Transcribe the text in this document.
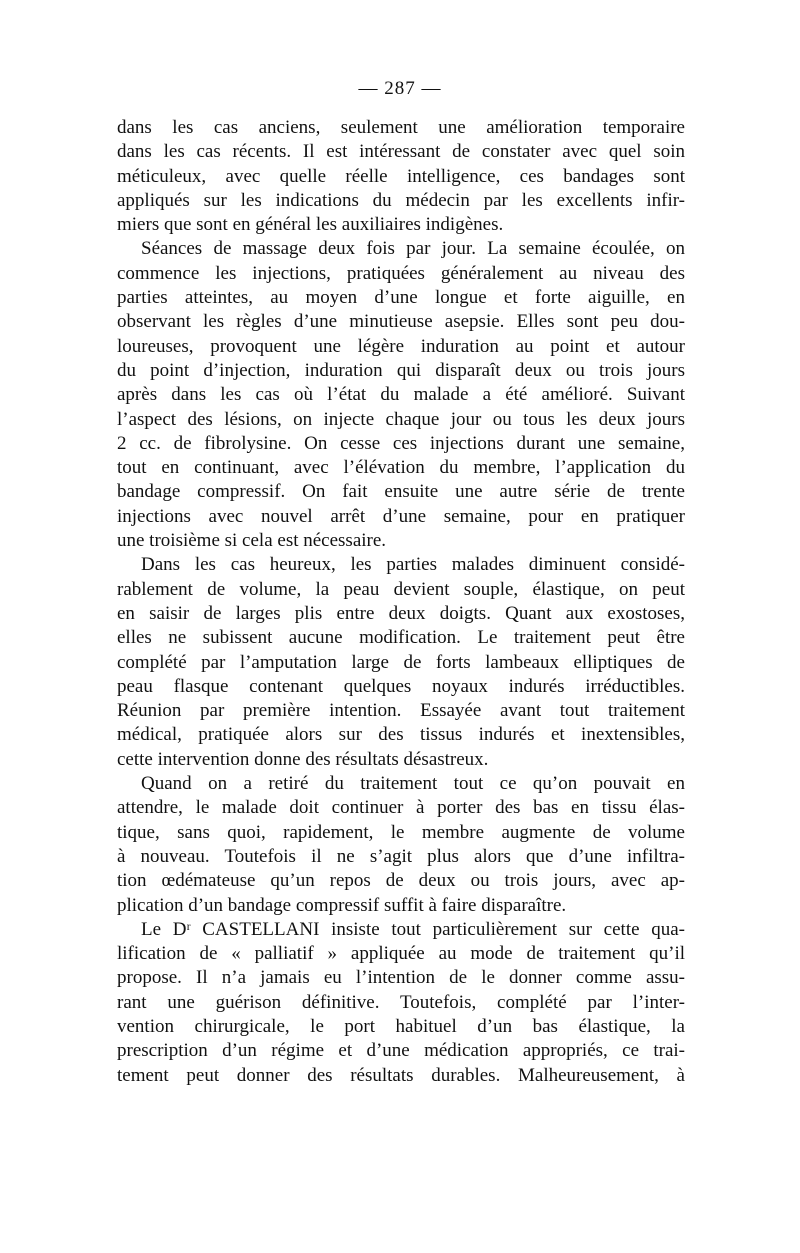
— 287 —
dans les cas anciens, seulement une amélioration temporaire
dans les cas récents. Il est intéressant de constater avec quel soin
méticuleux, avec quelle réelle intelligence, ces bandages sont
appliqués sur les indications du médecin par les excellents infir-
miers que sont en général les auxiliaires indigènes.
Séances de massage deux fois par jour. La semaine écoulée, on
commence les injections, pratiquées généralement au niveau des
parties atteintes, au moyen d’une longue et forte aiguille, en
observant les règles d’une minutieuse asepsie. Elles sont peu dou-
loureuses, provoquent une légère induration au point et autour
du point d’injection, induration qui disparaît deux ou trois jours
après dans les cas où l’état du malade a été amélioré. Suivant
l’aspect des lésions, on injecte chaque jour ou tous les deux jours
2 cc. de fibrolysine. On cesse ces injections durant une semaine,
tout en continuant, avec l’élévation du membre, l’application du
bandage compressif. On fait ensuite une autre série de trente
injections avec nouvel arrêt d’une semaine, pour en pratiquer
une troisième si cela est nécessaire.
Dans les cas heureux, les parties malades diminuent considé-
rablement de volume, la peau devient souple, élastique, on peut
en saisir de larges plis entre deux doigts. Quant aux exostoses,
elles ne subissent aucune modification. Le traitement peut être
complété par l’amputation large de forts lambeaux elliptiques de
peau flasque contenant quelques noyaux indurés irréductibles.
Réunion par première intention. Essayée avant tout traitement
médical, pratiquée alors sur des tissus indurés et inextensibles,
cette intervention donne des résultats désastreux.
Quand on a retiré du traitement tout ce qu’on pouvait en
attendre, le malade doit continuer à porter des bas en tissu élas-
tique, sans quoi, rapidement, le membre augmente de volume
à nouveau. Toutefois il ne s’agit plus alors que d’une infiltra-
tion œdémateuse qu’un repos de deux ou trois jours, avec ap-
plication d’un bandage compressif suffit à faire disparaître.
Le Dʳ CASTELLANI insiste tout particulièrement sur cette qua-
lification de « palliatif » appliquée au mode de traitement qu’il
propose. Il n’a jamais eu l’intention de le donner comme assu-
rant une guérison définitive. Toutefois, complété par l’inter-
vention chirurgicale, le port habituel d’un bas élastique, la
prescription d’un régime et d’une médication appropriés, ce trai-
tement peut donner des résultats durables. Malheureusement, à
